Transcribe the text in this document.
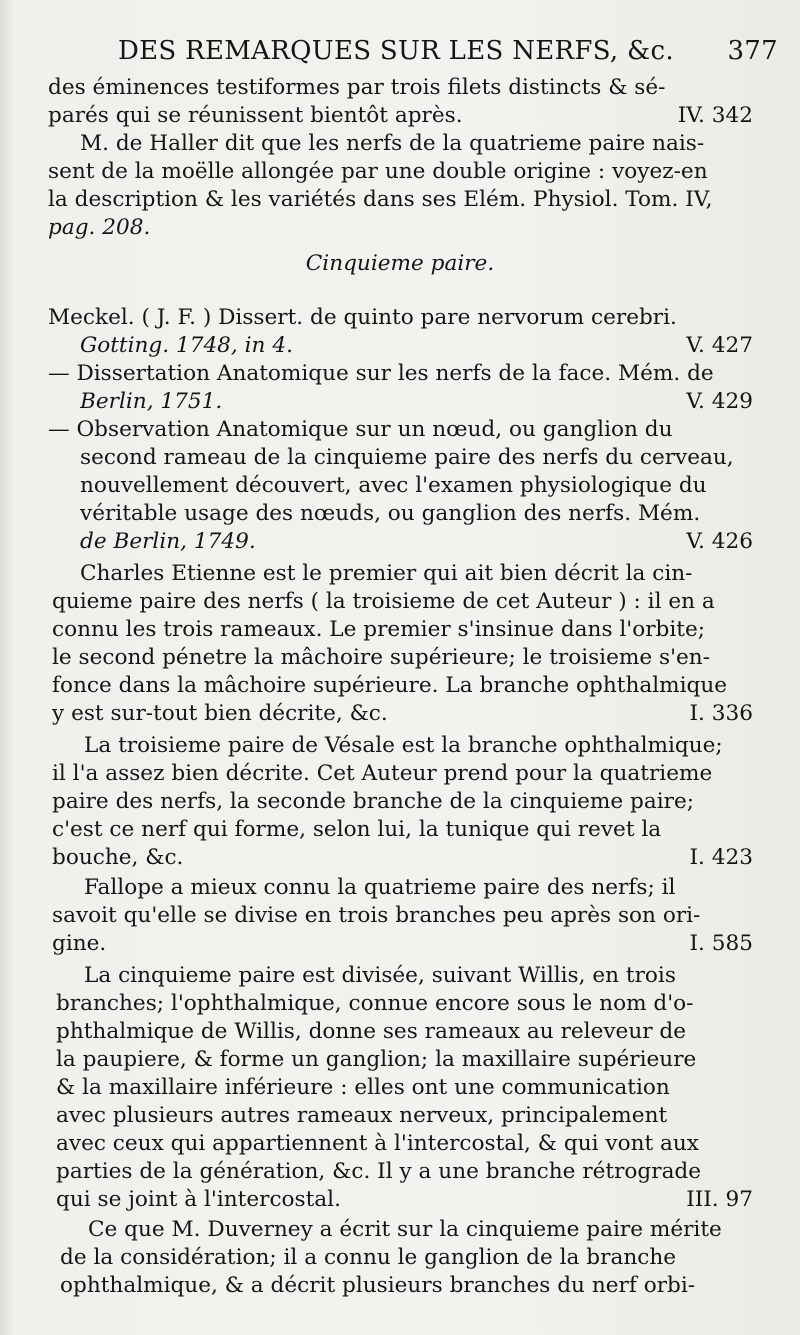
DES REMARQUES SUR LES NERFS, &c. 377
des éminences testiformes par trois filets distincts & sé-
parés qui se réunissent bientôt après.	IV. 342
M. de Haller dit que les nerfs de la quatrieme paire nais-
sent de la moëlle allongée par une double origine : voyez-en
la description & les variétés dans ses Elém. Physiol. Tom. IV,
pag. 208.
Cinquieme paire.
Meckel. ( J. F. ) Dissert. de quinto pare nervorum cerebri.
Gotting. 1748, in 4.	V. 427
— Dissertation Anatomique sur les nerfs de la face. Mém. de
Berlin, 1751.	V. 429
— Observation Anatomique sur un nœud, ou ganglion du
second rameau de la cinquieme paire des nerfs du cerveau,
nouvellement découvert, avec l'examen physiologique du
véritable usage des nœuds, ou ganglion des nerfs. Mém.
de Berlin, 1749.	V. 426
Charles Etienne est le premier qui ait bien décrit la cin-
quieme paire des nerfs ( la troisieme de cet Auteur ) : il en a
connu les trois rameaux. Le premier s'insinue dans l'orbite;
le second pénetre la mâchoire supérieure; le troisieme s'en-
fonce dans la mâchoire supérieure. La branche ophthalmique
y est sur-tout bien décrite, &c.	I. 336
La troisieme paire de Vésale est la branche ophthalmique;
il l'a assez bien décrite. Cet Auteur prend pour la quatrieme
paire des nerfs, la seconde branche de la cinquieme paire;
c'est ce nerf qui forme, selon lui, la tunique qui revet la
bouche, &c.	I. 423
Fallope a mieux connu la quatrieme paire des nerfs; il
savoit qu'elle se divise en trois branches peu après son ori-
gine.	I. 585
La cinquieme paire est divisée, suivant Willis, en trois
branches; l'ophthalmique, connue encore sous le nom d'o-
phthalmique de Willis, donne ses rameaux au releveur de
la paupiere, & forme un ganglion; la maxillaire supérieure
& la maxillaire inférieure : elles ont une communication
avec plusieurs autres rameaux nerveux, principalement
avec ceux qui appartiennent à l'intercostal, & qui vont aux
parties de la génération, &c. Il y a une branche rétrograde
qui se joint à l'intercostal.	III. 97
Ce que M. Duverney a écrit sur la cinquieme paire mérite
de la considération; il a connu le ganglion de la branche
ophthalmique, & a décrit plusieurs branches du nerf orbi-
